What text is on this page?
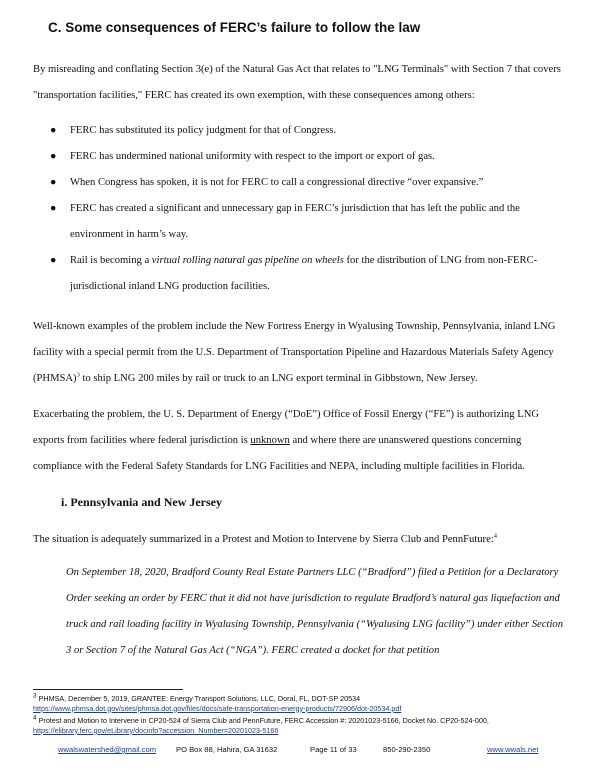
C. Some consequences of FERC’s failure to follow the law

By misreading and conflating Section 3(e) of the Natural Gas Act that relates to "LNG Terminals" with Section 7 that covers "transportation facilities," FERC has created its own exemption, with these consequences among others:

● FERC has substituted its policy judgment for that of Congress.
● FERC has undermined national uniformity with respect to the import or export of gas.
● When Congress has spoken, it is not for FERC to call a congressional directive “over expansive.”
● FERC has created a significant and unnecessary gap in FERC’s jurisdiction that has left the public and the environment in harm’s way.
● Rail is becoming a virtual rolling natural gas pipeline on wheels for the distribution of LNG from non-FERC-jurisdictional inland LNG production facilities.

Well-known examples of the problem include the New Fortress Energy in Wyalusing Township, Pennsylvania, inland LNG facility with a special permit from the U.S. Department of Transportation Pipeline and Hazardous Materials Safety Agency (PHMSA)$^3$ to ship LNG 200 miles by rail or truck to an LNG export terminal in Gibbstown, New Jersey.

Exacerbating the problem, the U. S. Department of Energy (“DoE”) Office of Fossil Energy (“FE”) is authorizing LNG exports from facilities where federal jurisdiction is unknown and where there are unanswered questions concerning compliance with the Federal Safety Standards for LNG Facilities and NEPA, including multiple facilities in Florida.

i. Pennsylvania and New Jersey

The situation is adequately summarized in a Protest and Motion to Intervene by Sierra Club and PennFuture:$^4$

On September 18, 2020, Bradford County Real Estate Partners LLC (“Bradford”) filed a Petition for a Declaratory Order seeking an order by FERC that it did not have jurisdiction to regulate Bradford’s natural gas liquefaction and truck and rail loading facility in Wyalusing Township, Pennsylvania (“Wyalusing LNG facility”) under either Section 3 or Section 7 of the Natural Gas Act (“NGA”). FERC created a docket for that petition

$^3$ PHMSA, December 5, 2019, GRANTEE: Energy Transport Solutions, LLC, Doral, FL, DOT-SP 20534
https://www.phmsa.dot.gov/sites/phmsa.dot.gov/files/docs/safe-transportation-energy-products/72906/dot-20534.pdf

$^4$ Protest and Motion to Intervene in CP20-524 of Sierra Club and PennFuture, FERC Accession #: 20201023-5166, Docket No. CP20-524-000,
https://elibrary.ferc.gov/eLibrary/docinfo?accession_Number=20201023-5166

wwalswatershed@gmail.com	PO Box 88, Hahira, GA 31632	Page 11 of 33	850-290-2350	www.wwals.net
